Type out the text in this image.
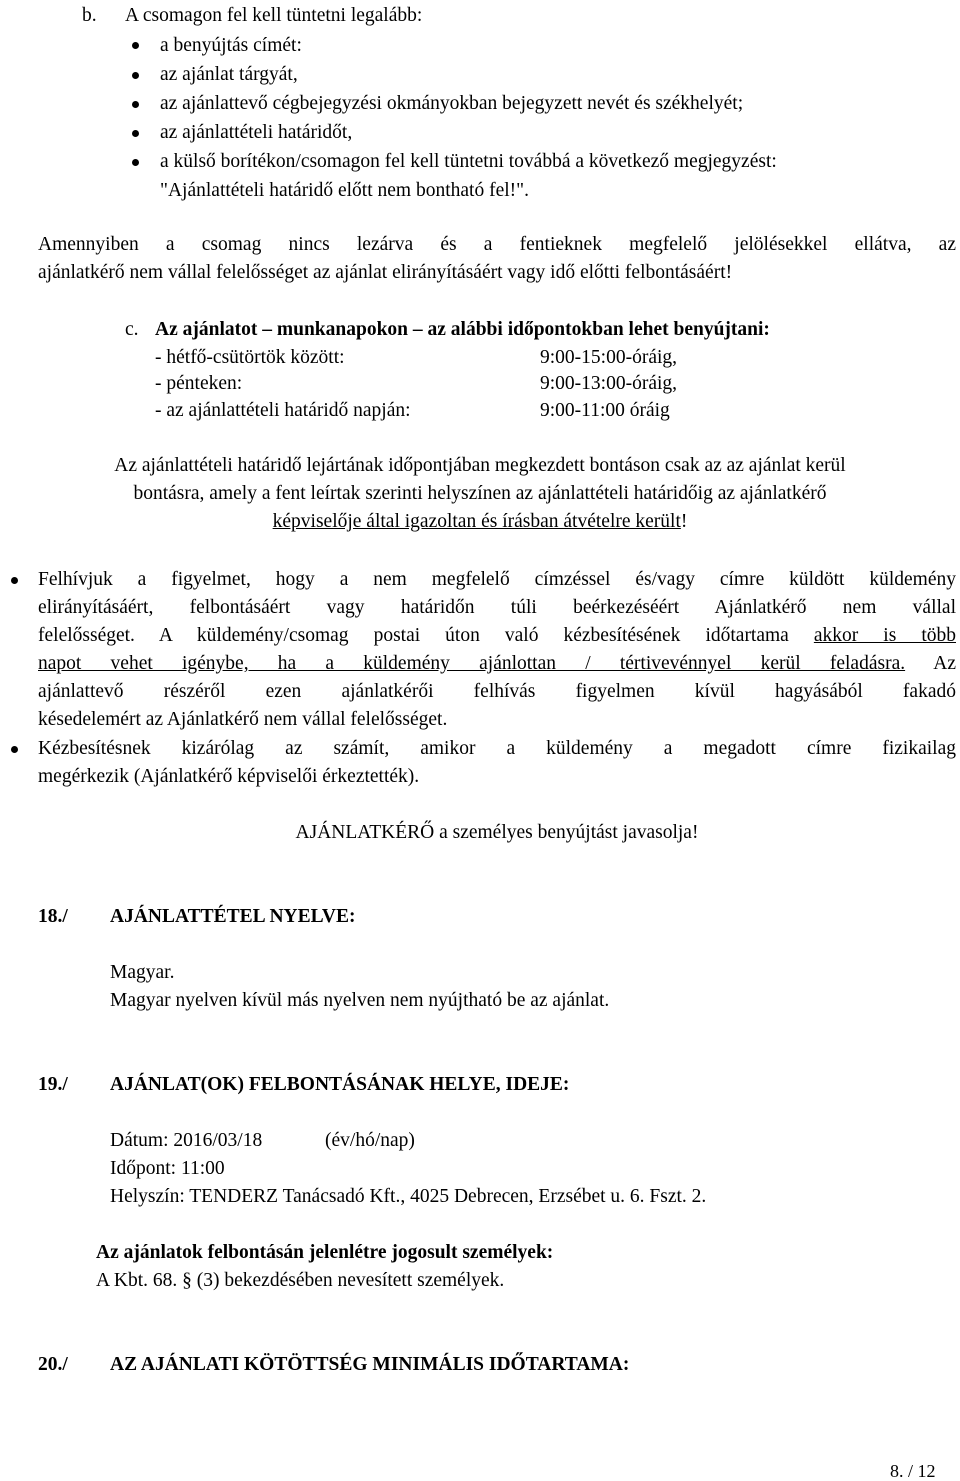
b. A csomagon fel kell tüntetni legalább:
a benyújtás címét:
az ajánlat tárgyát,
az ajánlattevő cégbejegyzési okmányokban bejegyzett nevét és székhelyét;
az ajánlattételi határidőt,
a külső borítékon/csomagon fel kell tüntetni továbbá a következő megjegyzést:
"Ajánlattételi határidő előtt nem bontható fel!".
Amennyiben a csomag nincs lezárva és a fentieknek megfelelő jelölésekkel ellátva, az
ajánlatkérő nem vállal felelősséget az ajánlat elirányításáért vagy idő előtti felbontásáért!
c. Az ajánlatot – munkanapokon – az alábbi időpontokban lehet benyújtani:
- hétfő-csütörtök között:	9:00-15:00-óráig,
- pénteken:	9:00-13:00-óráig,
- az ajánlattételi határidő napján:	9:00-11:00 óráig
Az ajánlattételi határidő lejártának időpontjában megkezdett bontáson csak az az ajánlat kerül
bontásra, amely a fent leírtak szerinti helyszínen az ajánlattételi határidőig az ajánlatkérő
képviselője által igazoltan és írásban átvételre került!
Felhívjuk a figyelmet, hogy a nem megfelelő címzéssel és/vagy címre küldött küldemény
elirányításáért, felbontásáért vagy határidőn túli beérkezéséért Ajánlatkérő nem vállal
felelősséget. A küldemény/csomag postai úton való kézbesítésének időtartama akkor is több
napot vehet igénybe, ha a küldemény ajánlottan / tértivevénnyel kerül feladásra. Az
ajánlattevő részéről ezen ajánlatkérői felhívás figyelmen kívül hagyásából fakadó
késedelemért az Ajánlatkérő nem vállal felelősséget.
Kézbesítésnek kizárólag az számít, amikor a küldemény a megadott címre fizikailag
megérkezik (Ajánlatkérő képviselői érkeztették).
AJÁNLATKÉRŐ a személyes benyújtást javasolja!
18./ AJÁNLATTÉTEL NYELVE:
Magyar.
Magyar nyelven kívül más nyelven nem nyújtható be az ajánlat.
19./ AJÁNLAT(OK) FELBONTÁSÁNAK HELYE, IDEJE:
Dátum: 2016/03/18	(év/hó/nap)
Időpont: 11:00
Helyszín: TENDERZ Tanácsadó Kft., 4025 Debrecen, Erzsébet u. 6. Fszt. 2.
Az ajánlatok felbontásán jelenlétre jogosult személyek:
A Kbt. 68. § (3) bekezdésében nevesített személyek.
20./ AZ AJÁNLATI KÖTÖTTSÉG MINIMÁLIS IDŐTARTAMA:
8. / 12
